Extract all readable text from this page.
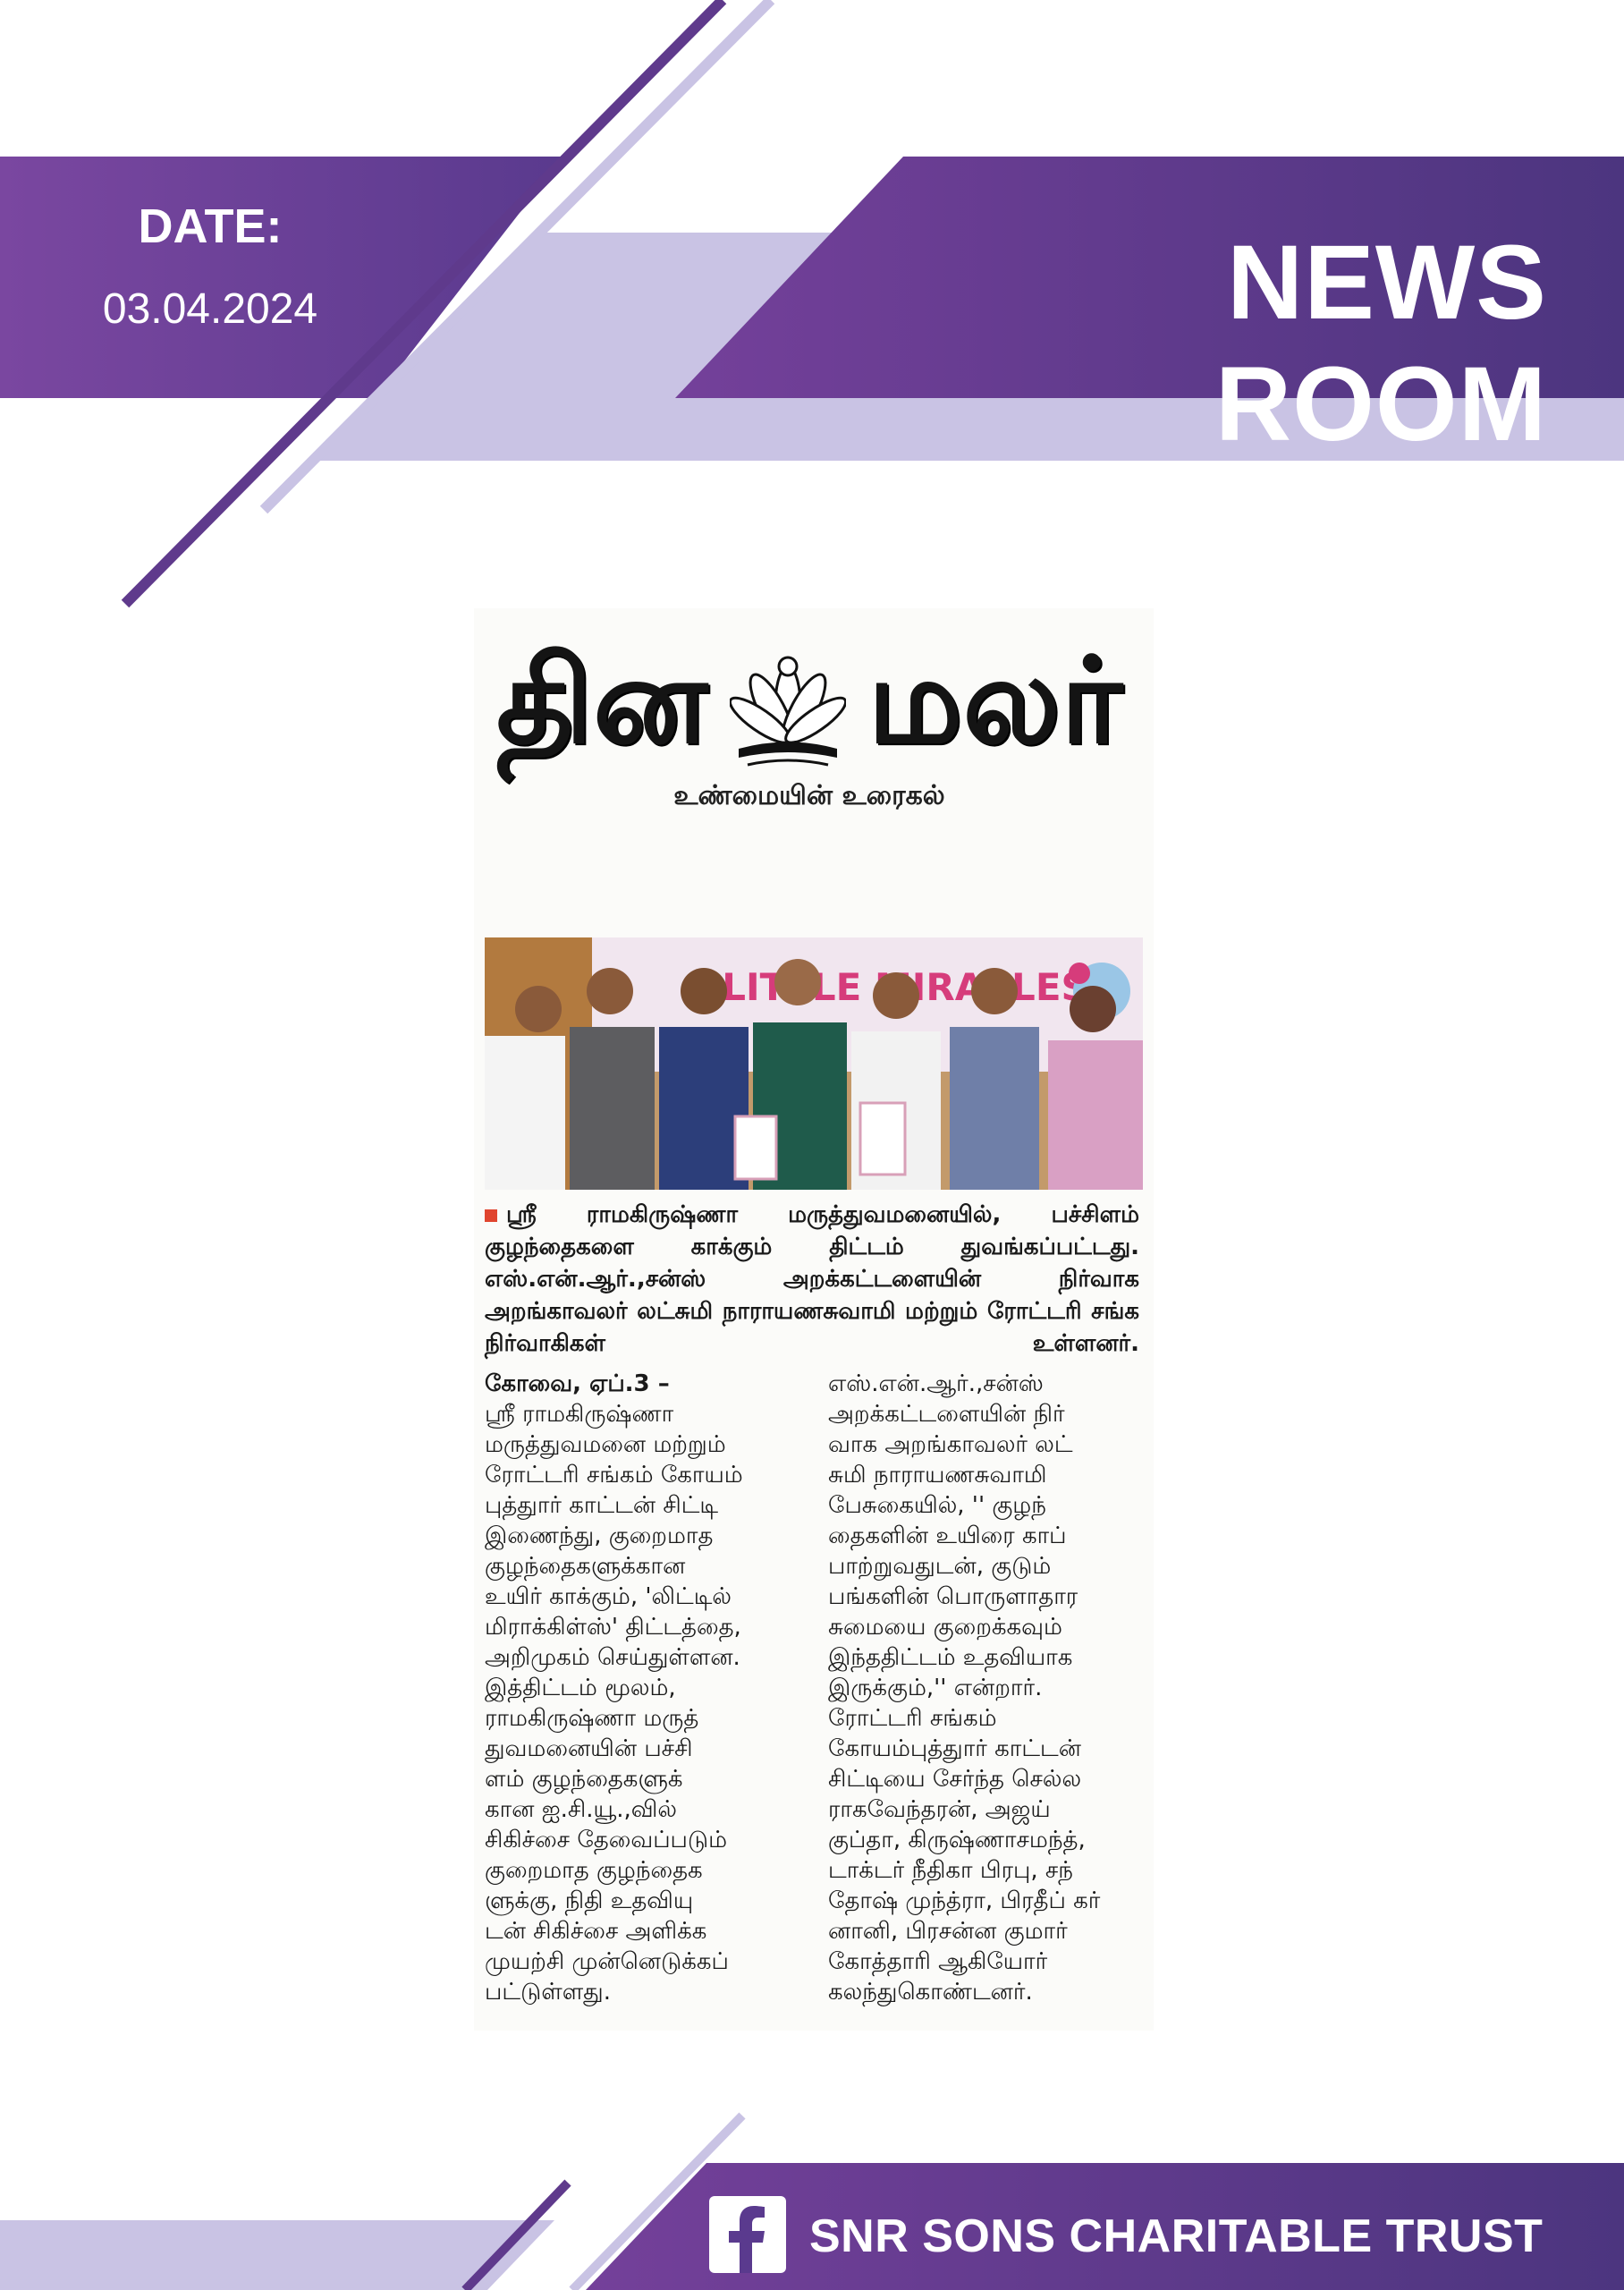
DATE:
03.04.2024	NEWS ROOM
தின மலர்
உண்மையின் உரைகல்
ஸ்ரீ ராமகிருஷ்ணா மருத்துவமனையில், பச்சிளம் குழந்தைகளை காக்கும் திட்டம் துவங்கப்பட்டது. எஸ்.என்.ஆர்.,சன்ஸ் அறக்கட்டளையின் நிர்வாக அறங்காவலர் லட்சுமி நாராயணசுவாமி மற்றும் ரோட்டரி சங்க நிர்வாகிகள் உள்ளனர்.
கோவை, ஏப்.3 –
ஸ்ரீ ராமகிருஷ்ணா
மருத்துவமனை மற்றும்
ரோட்டரி சங்கம் கோயம்
புத்துார் காட்டன் சிட்டி
இணைந்து, குறைமாத
குழந்தைகளுக்கான
உயிர் காக்கும், 'லிட்டில்
மிராக்கிள்ஸ்' திட்டத்தை,
அறிமுகம் செய்துள்ளன.
இத்திட்டம் மூலம்,
ராமகிருஷ்ணா மருத்
துவமனையின் பச்சி
ளம் குழந்தைகளுக்
கான ஐ.சி.யூ.,வில்
சிகிச்சை தேவைப்படும்
குறைமாத குழந்தைக
ளுக்கு, நிதி உதவியு
டன் சிகிச்சை அளிக்க
முயற்சி முன்னெடுக்கப்
பட்டுள்ளது.
எஸ்.என்.ஆர்.,சன்ஸ்
அறக்கட்டளையின் நிர்
வாக அறங்காவலர் லட்
சுமி நாராயணசுவாமி
பேசுகையில், '' குழந்
தைகளின் உயிரை காப்
பாற்றுவதுடன், குடும்
பங்களின் பொருளாதார
சுமையை குறைக்கவும்
இந்ததிட்டம் உதவியாக
இருக்கும்,'' என்றார்.
ரோட்டரி சங்கம்
கோயம்புத்துார் காட்டன்
சிட்டியை சேர்ந்த செல்ல
ராகவேந்தரன், அஜய்
குப்தா, கிருஷ்ணாசமந்த்,
டாக்டர் நீதிகா பிரபு, சந்
தோஷ் முந்த்ரா, பிரதீப் கர்
னானி, பிரசன்ன குமார்
கோத்தாரி ஆகியோர்
கலந்துகொண்டனர்.
SNR SONS CHARITABLE TRUST
